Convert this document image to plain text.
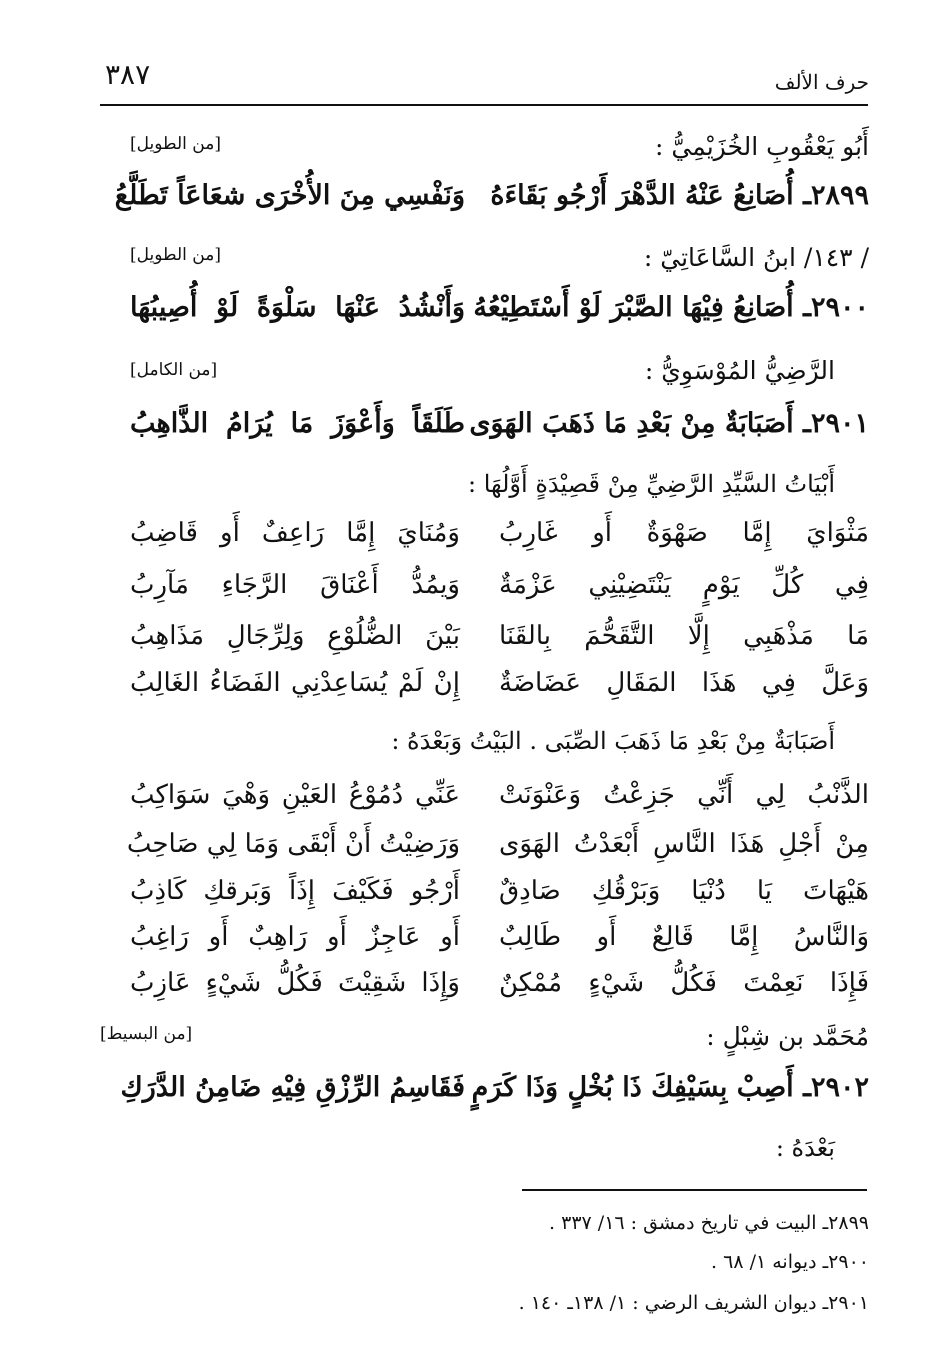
٣٨٧	حرف الألف
أَبُو يَعْقُوبِ الخُزَيْمِيُّ :
[من الطويل]
٢٨٩٩ـ أُصَانِعُ عَنْهُ الدَّهْرَ أَرْجُو بَقَاءَهُ
وَنَفْسِي مِنَ الأُخْرَى شعَاعَاً تَطَلَّعُ
/ ١٤٣/ ابنُ السَّاعَاتِيّ :
[من الطويل]
٢٩٠٠ـ أُصَانِعُ فِيْهَا الصَّبْرَ لَوْ أَسْتَطِيْعُهُ
وَأَنْشُدُ عَنْهَا سَلْوَةً لَوْ أُصِيبُهَا
الرَّضِيُّ المُوْسَوِيُّ :
[من الكامل]
٢٩٠١ـ أَصَبَابَةٌ مِنْ بَعْدِ مَا ذَهَبَ الهَوَى
طَلَقَاً وَأَعْوَزَ مَا يُرَامُ الذَّاهِبُ
أَبْيَاتُ السَّيِّدِ الرَّضِيِّ مِنْ قَصِيْدَةٍ أَوَّلُهَا :
مَثْوَايَ إِمَّا صَهْوَةٌ أَو غَارِبُ
وَمُنَايَ إِمَّا رَاعِفٌ أَو قَاضِبُ
فِي كُلِّ يَوْمٍ يَنْتَضِيْنِي عَزْمَةٌ
وَيمُدُّ أَعْنَاقَ الرَّجَاءِ مَآرِبُ
مَا مَذْهَبِي إِلَّا التَّقَحُّمَ بِالقَنَا
بَيْنَ الضُّلُوْعِ وَلِرِّجَالِ مَذَاهِبُ
وَعَلَّ فِي هَذَا المَقَالِ عَضَاضَةٌ
إِنْ لَمْ يُسَاعِدْنِي الفَضَاءُ الغَالِبُ
أَصَبَابَةٌ مِنْ بَعْدِ مَا ذَهَبَ الصِّبَى . البَيْتُ وَبَعْدَهُ :
الذَّنْبُ لِي أَنِّي جَزِعْتُ وَعَنْوَنَتْ
عَنِّي دُمُوْعُ العَيْنِ وَهْيَ سَوَاكِبُ
مِنْ أَجْلِ هَذَا النَّاسِ أَبْعَدْتُ الهَوَى
وَرَضِيْتُ أَنْ أَبْقَى وَمَا لِي صَاحِبُ
هَيْهَاتَ يَا دُنْيَا وَبَرْقُكِ صَادِقٌ
أَرْجُو فَكَيْفَ إِذَاً وَبَرقكِ كَاذِبُ
وَالنَّاسُ إِمَّا قَالِعٌ أَو طَالِبٌ
أَو عَاجِزٌ أَو رَاهِبٌ أَو رَاغِبُ
فَإِذَا نَعِمْتَ فَكُلُّ شَيْءٍ مُمْكِنٌ
وَإِذَا شَقِيْتَ فَكُلُّ شَيْءٍ عَازِبُ
مُحَمَّد بن شِبْلٍ :
[من البسيط]
٢٩٠٢ـ أَصِبْ بِسَيْفِكَ ذَا بُخْلٍ وَذَا كَرَمٍ
فَقَاسِمُ الرِّزْقِ فِيْهِ ضَامِنُ الدَّرَكِ
بَعْدَهُ :
٢٨٩٩ـ البيت في تاريخ دمشق : ١٦/ ٣٣٧ .
٢٩٠٠ـ ديوانه ١/ ٦٨ .
٢٩٠١ـ ديوان الشريف الرضي : ١/ ١٣٨ـ ١٤٠ .
